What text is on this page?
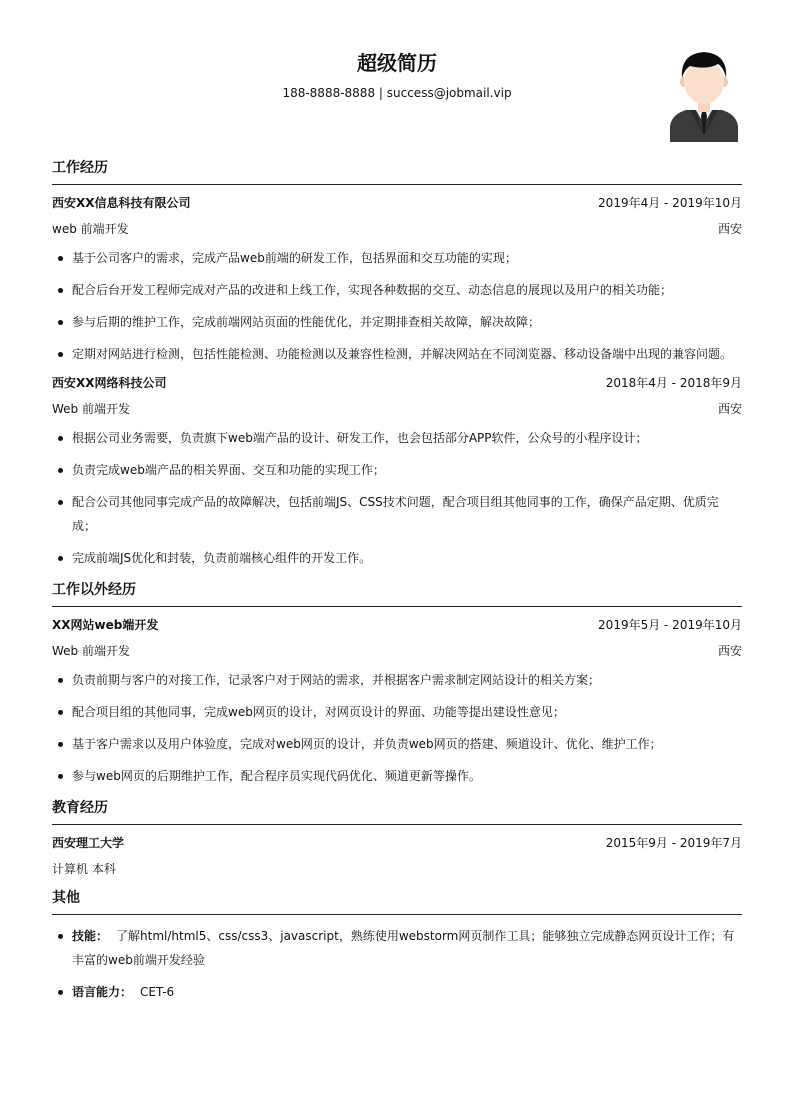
超级简历
188-8888-8888 | success@jobmail.vip
工作经历
西安XX信息科技有限公司	2019年4月 - 2019年10月
web 前端开发	西安
基于公司客户的需求，完成产品web前端的研发工作，包括界面和交互功能的实现；
配合后台开发工程师完成对产品的改进和上线工作，实现各种数据的交互、动态信息的展现以及用户的相关功能；
参与后期的维护工作，完成前端网站页面的性能优化，并定期排查相关故障，解决故障；
定期对网站进行检测，包括性能检测、功能检测以及兼容性检测，并解决网站在不同浏览器、移动设备端中出现的兼容问题。
西安XX网络科技公司	2018年4月 - 2018年9月
Web 前端开发	西安
根据公司业务需要，负责旗下web端产品的设计、研发工作，也会包括部分APP软件，公众号的小程序设计；
负责完成web端产品的相关界面、交互和功能的实现工作；
配合公司其他同事完成产品的故障解决，包括前端JS、CSS技术问题，配合项目组其他同事的工作，确保产品定期、优质完成；
完成前端JS优化和封装，负责前端核心组件的开发工作。
工作以外经历
XX网站web端开发	2019年5月 - 2019年10月
Web 前端开发	西安
负责前期与客户的对接工作，记录客户对于网站的需求，并根据客户需求制定网站设计的相关方案；
配合项目组的其他同事，完成web网页的设计，对网页设计的界面、功能等提出建设性意见；
基于客户需求以及用户体验度，完成对web网页的设计，并负责web网页的搭建、频道设计、优化、维护工作；
参与web网页的后期维护工作，配合程序员实现代码优化、频道更新等操作。
教育经历
西安理工大学	2015年9月 - 2019年7月
计算机 本科
其他
技能： 了解html/html5、css/css3、javascript，熟练使用webstorm网页制作工具；能够独立完成静态网页设计工作；有丰富的web前端开发经验
语言能力： CET-6
